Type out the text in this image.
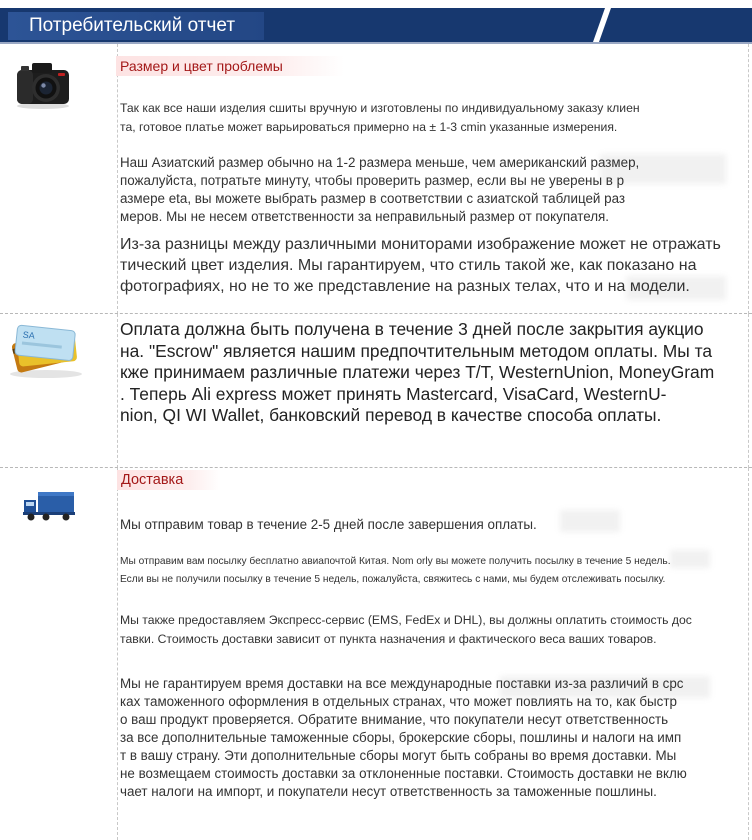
Потребительский отчет
Размер и цвет проблемы
Так как все наши изделия сшиты вручную и изготовлены по индивидуальному заказу клиен
та, готовое платье может варьироваться примерно на ± 1-3 cmin указанные измерения.
Наш Азиатский размер обычно на 1-2 размера меньше, чем американский размер,
пожалуйста, потратьте минуту, чтобы проверить размер, если вы не уверены в р
азмере eta, вы можете выбрать размер в соответствии с азиатской таблицей раз
меров. Мы не несем ответственности за неправильный размер от покупателя.
Из-за разницы между различными мониторами изображение может не отражать
тический цвет изделия. Мы гарантируем, что стиль такой же, как показано на
фотографиях, но не то же представление на разных телах, что и на модели.
SA	Оплата должна быть получена в течение 3 дней после закрытия аукцио
на. "Escrow" является нашим предпочтительным методом оплаты. Мы та
кже принимаем различные платежи через T/T, WesternUnion, MoneyGram
. Теперь Ali express может принять Mastercard, VisaCard, WesternU-
nion, QI WI Wallet, банковский перевод в качестве способа оплаты.
Доставка
Мы отправим товар в течение 2-5 дней после завершения оплаты.
Мы отправим вам посылку бесплатно авиапочтой Китая. Nom orly вы можете получить посылку в течение 5 недель.
Если вы не получили посылку в течение 5 недель, пожалуйста, свяжитесь с нами, мы будем отслеживать посылку.
Мы также предоставляем Экспресс-сервис (EMS, FedEx и DHL), вы должны оплатить стоимость дос
тавки. Стоимость доставки зависит от пункта назначения и фактического веса ваших товаров.
Мы не гарантируем время доставки на все международные поставки из-за различий в срс
ках таможенного оформления в отдельных странах, что может повлиять на то, как быстр
о ваш продукт проверяется. Обратите внимание, что покупатели несут ответственность
за все дополнительные таможенные сборы, брокерские сборы, пошлины и налоги на имп
т в вашу страну. Эти дополнительные сборы могут быть собраны во время доставки. Мы
не возмещаем стоимость доставки за отклоненные поставки. Стоимость доставки не вклю
чает налоги на импорт, и покупатели несут ответственность за таможенные пошлины.
